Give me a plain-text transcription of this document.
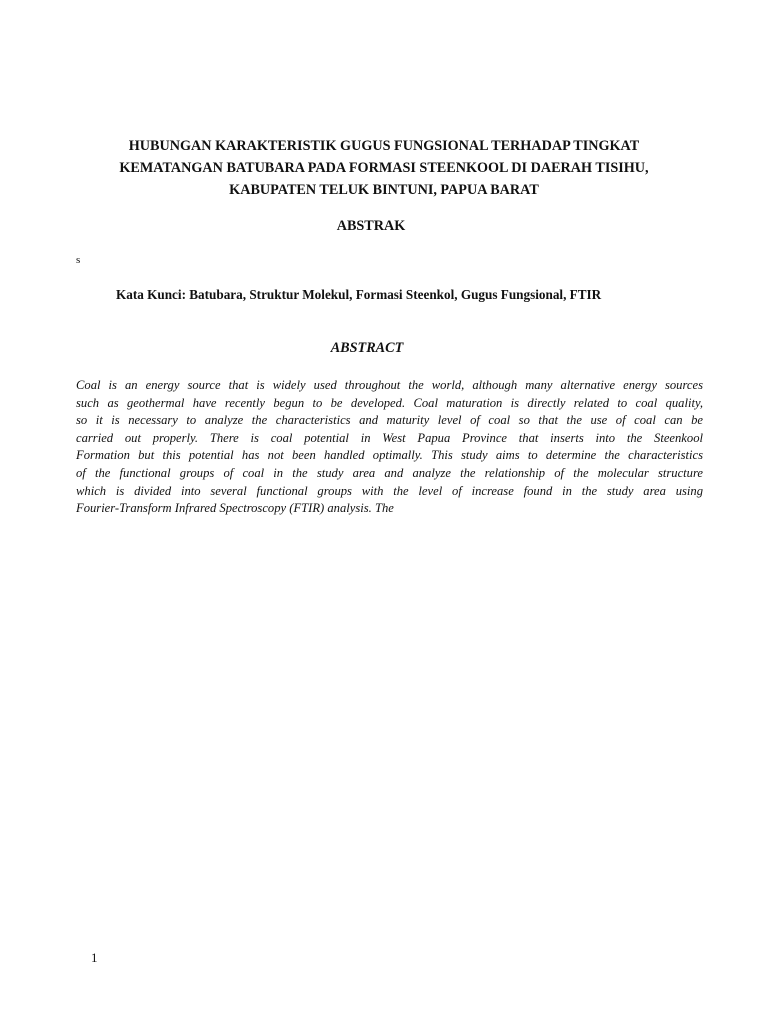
HUBUNGAN KARAKTERISTIK GUGUS FUNGSIONAL TERHADAP TINGKAT
KEMATANGAN BATUBARA PADA FORMASI STEENKOOL DI DAERAH TISIHU,
KABUPATEN TELUK BINTUNI, PAPUA BARAT
ABSTRAK
s
Kata Kunci: Batubara, Struktur Molekul, Formasi Steenkol, Gugus Fungsional, FTIR
ABSTRACT
Coal is an energy source that is widely used throughout the world, although many alternative energy sources
such as geothermal have recently begun to be developed. Coal maturation is directly related to coal quality,
so it is necessary to analyze the characteristics and maturity level of coal so that the use of coal can be
carried out properly. There is coal potential in West Papua Province that inserts into the Steenkool
Formation but this potential has not been handled optimally. This study aims to determine the characteristics
of the functional groups of coal in the study area and analyze the relationship of the molecular structure
which is divided into several functional groups with the level of increase found in the study area using
Fourier-Transform Infrared Spectroscopy (FTIR) analysis. The
1
